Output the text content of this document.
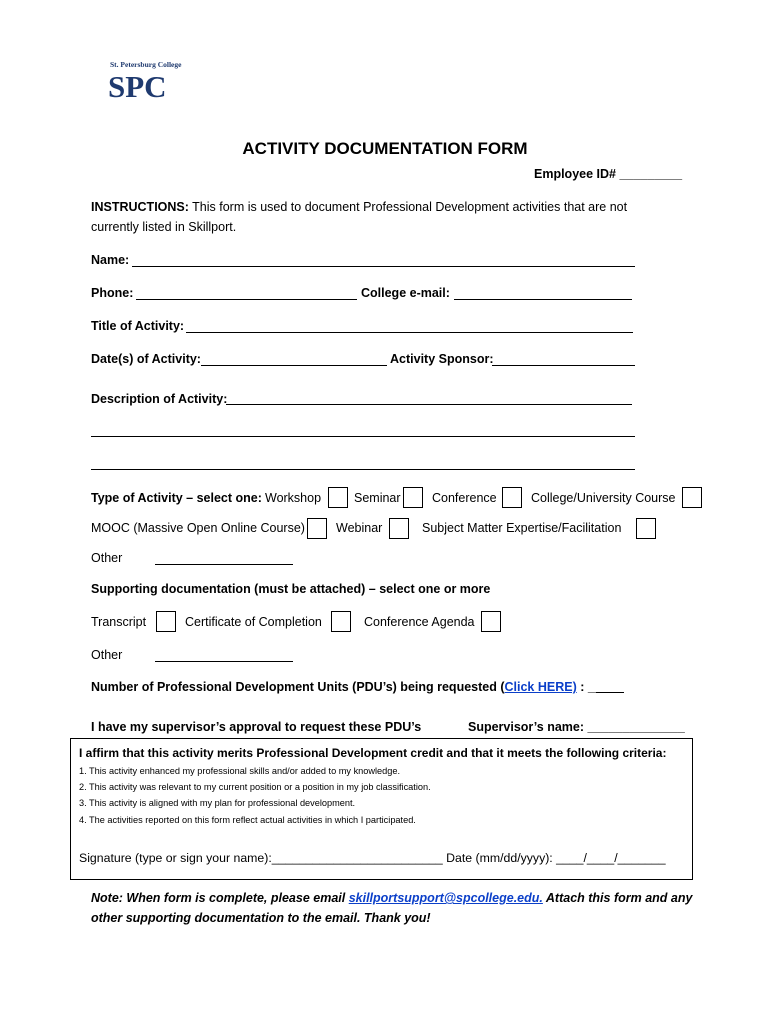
St. Petersburg College
SPC
ACTIVITY DOCUMENTATION FORM
Employee ID# _________
INSTRUCTIONS: This form is used to document Professional Development activities that are not
currently listed in Skillport.
Name:
Phone:	College e-mail:
Title of Activity:
Date(s) of Activity:	Activity Sponsor:
Description of Activity:
Type of Activity – select one: Workshop	Seminar	Conference	College/University Course
MOOC (Massive Open Online Course) Webinar	Subject Matter Expertise/Facilitation
Other
Supporting documentation (must be attached) – select one or more
Transcript	Certificate of Completion	Conference Agenda
Other
Number of Professional Development Units (PDU’s) being requested (Click HERE) : ____
I have my supervisor’s approval to request these PDU’s	Supervisor’s name: ______________
I affirm that this activity merits Professional Development credit and that it meets the following criteria:
1. This activity enhanced my professional skills and/or added to my knowledge.
2. This activity was relevant to my current position or a position in my job classification.
3. This activity is aligned with my plan for professional development.
4. The activities reported on this form reflect actual activities in which I participated.
Signature (type or sign your name):_________________________ Date (mm/dd/yyyy): ____/____/_______
Note: When form is complete, please email skillportsupport@spcollege.edu. Attach this form and any
other supporting documentation to the email. Thank you!
